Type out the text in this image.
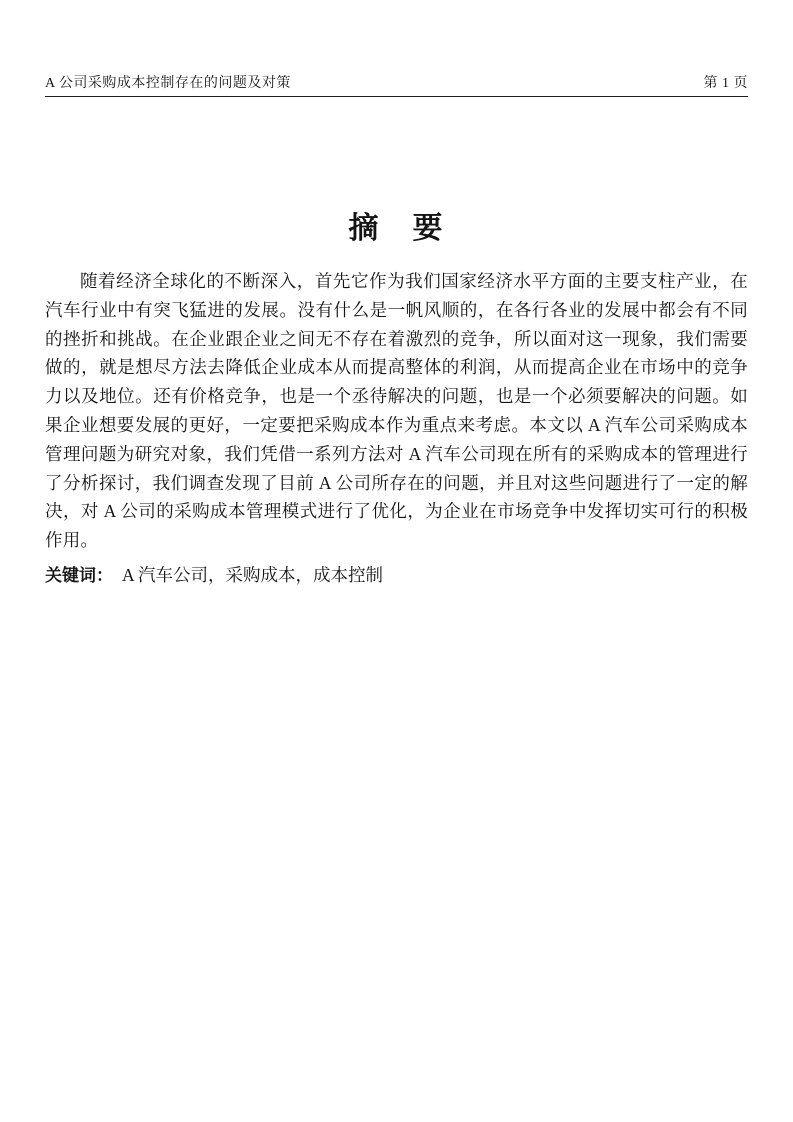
A 公司采购成本控制存在的问题及对策	第 1 页
摘　要

随着经济全球化的不断深入，首先它作为我们国家经济水平方面的主要支柱产业，在汽车行业中有突飞猛进的发展。没有什么是一帆风顺的，在各行各业的发展中都会有不同的挫折和挑战。在企业跟企业之间无不存在着激烈的竞争，所以面对这一现象，我们需要做的，就是想尽方法去降低企业成本从而提高整体的利润，从而提高企业在市场中的竞争力以及地位。还有价格竞争，也是一个丞待解决的问题，也是一个必须要解决的问题。如果企业想要发展的更好，一定要把采购成本作为重点来考虑。本文以 A 汽车公司采购成本管理问题为研究对象，我们凭借一系列方法对 A 汽车公司现在所有的采购成本的管理进行了分析探讨，我们调查发现了目前 A 公司所存在的问题，并且对这些问题进行了一定的解决，对 A 公司的采购成本管理模式进行了优化，为企业在市场竞争中发挥切实可行的积极作用。

关键词： A 汽车公司，采购成本，成本控制
